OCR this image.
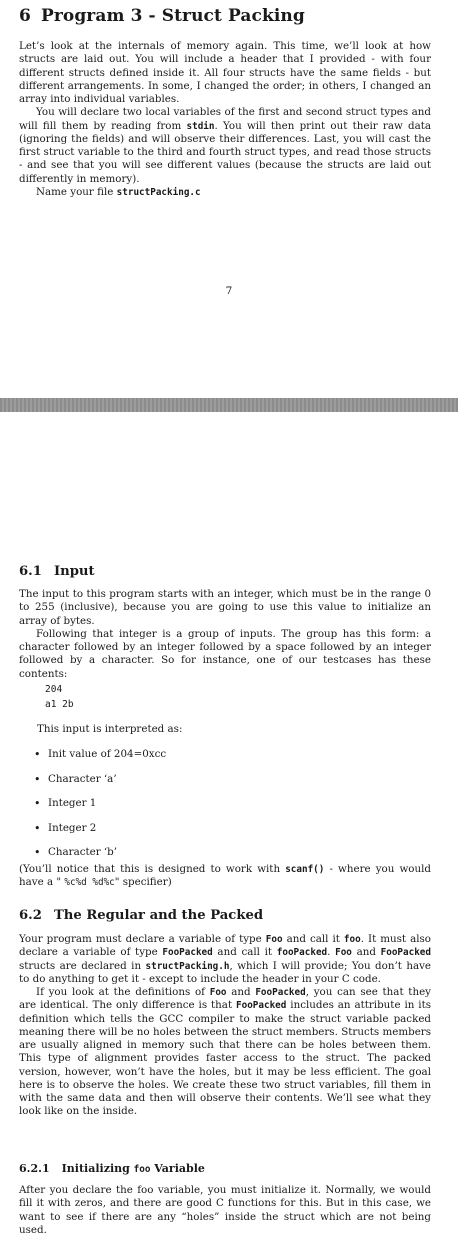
6 Program 3 - Struct Packing

Let’s look at the internals of memory again. This time, we’ll look at how structs are laid out. You will include a header that I provided - with four different structs defined inside it. All four structs have the same fields - but different arrangements. In some, I changed the order; in others, I changed an array into individual variables.

You will declare two local variables of the first and second struct types and will fill them by reading from stdin. You will then print out their raw data (ignoring the fields) and will observe their differences. Last, you will cast the first struct variable to the third and fourth struct types, and read those structs - and see that you will see different values (because the structs are laid out differently in memory).

Name your file structPacking.c

7
6.1 Input

The input to this program starts with an integer, which must be in the range 0 to 255 (inclusive), because you are going to use this value to initialize an array of bytes.

Following that integer is a group of inputs. The group has this form: a character followed by an integer followed by a space followed by an integer followed by a character. So for instance, one of our testcases has these contents:

204
a1 2b
This input is interpreted as:
• Init value of 204=0xcc
• Character ‘a’
• Integer 1
• Integer 2
• Character ‘b’

(You’ll notice that this is designed to work with scanf() - where you would have a " %c%d %d%c" specifier)

6.2 The Regular and the Packed

Your program must declare a variable of type Foo and call it foo. It must also declare a variable of type FooPacked and call it fooPacked. Foo and FooPacked structs are declared in structPacking.h, which I will provide; You don’t have to do anything to get it - except to include the header in your C code.

If you look at the definitions of Foo and FooPacked, you can see that they are identical. The only difference is that FooPacked includes an attribute in its definition which tells the GCC compiler to make the struct variable packed meaning there will be no holes between the struct members. Structs members are usually aligned in memory such that there can be holes between them. This type of alignment provides faster access to the struct. The packed version, however, won’t have the holes, but it may be less efficient. The goal here is to observe the holes. We create these two struct variables, fill them in with the same data and then will observe their contents. We’ll see what they look like on the inside.

6.2.1 Initializing foo Variable

After you declare the foo variable, you must initialize it. Normally, we would fill it with zeros, and there are good C functions for this. But in this case, we want to see if there are any “holes” inside the struct which are not being used.
